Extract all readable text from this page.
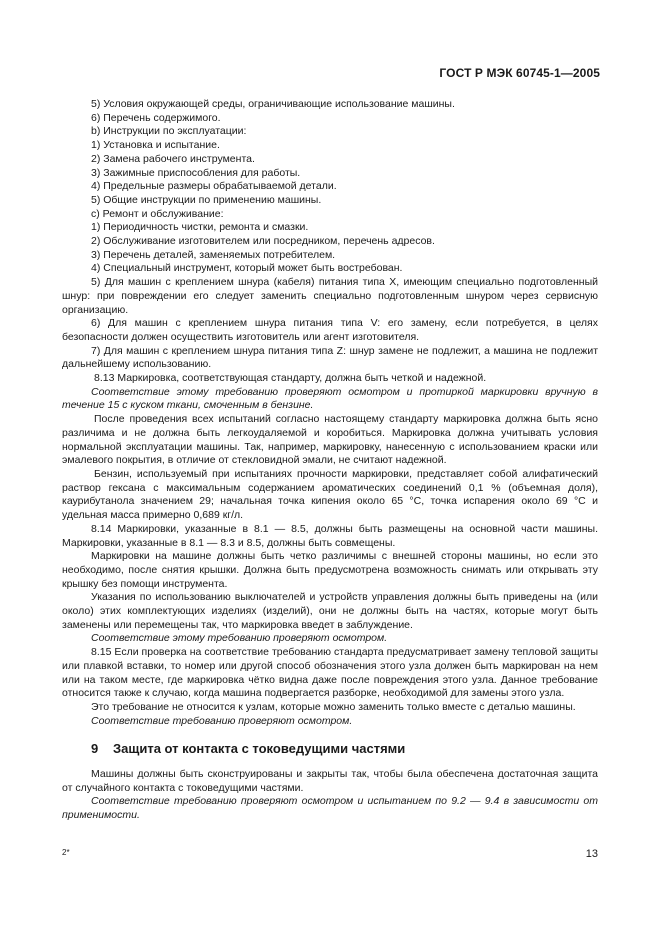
ГОСТ Р МЭК 60745-1—2005

5) Условия окружающей среды, ограничивающие использование машины.

6) Перечень содержимого.

b) Инструкции по эксплуатации:

1) Установка и испытание.

2) Замена рабочего инструмента.

3) Зажимные приспособления для работы.

4) Предельные размеры обрабатываемой детали.

5) Общие инструкции по применению машины.

c) Ремонт и обслуживание:

1) Периодичность чистки, ремонта и смазки.

2) Обслуживание изготовителем или посредником, перечень адресов.

3) Перечень деталей, заменяемых потребителем.

4) Специальный инструмент, который может быть востребован.

5) Для машин с креплением шнура (кабеля) питания типа X, имеющим специально подготовленный шнур: при повреждении его следует заменить специально подготовленным шнуром через сервисную организацию.

6) Для машин с креплением шнура питания типа V: его замену, если потребуется, в целях безопасности должен осуществить изготовитель или агент изготовителя.

7) Для машин с креплением шнура питания типа Z: шнур замене не подлежит, а машина не подлежит дальнейшему использованию.

8.13 Маркировка, соответствующая стандарту, должна быть четкой и надежной.

Соответствие этому требованию проверяют осмотром и протиркой маркировки вручную в течение 15 с куском ткани, смоченным в бензине.

После проведения всех испытаний согласно настоящему стандарту маркировка должна быть ясно различима и не должна быть легкоудаляемой и коробиться. Маркировка должна учитывать условия нормальной эксплуатации машины. Так, например, маркировку, нанесенную с использованием краски или эмалевого покрытия, в отличие от стекловидной эмали, не считают надежной.

Бензин, используемый при испытаниях прочности маркировки, представляет собой алифатический раствор гексана с максимальным содержанием ароматических соединений 0,1 % (объемная доля), каурибутанола значением 29; начальная точка кипения около 65 °C, точка испарения около 69 °C и удельная масса примерно 0,689 кг/л.

8.14 Маркировки, указанные в 8.1 — 8.5, должны быть размещены на основной части машины. Маркировки, указанные в 8.1 — 8.3 и 8.5, должны быть совмещены.

Маркировки на машине должны быть четко различимы с внешней стороны машины, но если это необходимо, после снятия крышки. Должна быть предусмотрена возможность снимать или открывать эту крышку без помощи инструмента.

Указания по использованию выключателей и устройств управления должны быть приведены на (или около) этих комплектующих изделиях (изделий), они не должны быть на частях, которые могут быть заменены или перемещены так, что маркировка введет в заблуждение.

Соответствие этому требованию проверяют осмотром.

8.15 Если проверка на соответствие требованию стандарта предусматривает замену тепловой защиты или плавкой вставки, то номер или другой способ обозначения этого узла должен быть маркирован на нем или на таком месте, где маркировка чётко видна даже после повреждения этого узла. Данное требование относится также к случаю, когда машина подвергается разборке, необходимой для замены этого узла.

Это требование не относится к узлам, которые можно заменить только вместе с деталью машины.

Соответствие требованию проверяют осмотром.

9 Защита от контакта с токоведущими частями

Машины должны быть сконструированы и закрыты так, чтобы была обеспечена достаточная защита от случайного контакта с токоведущими частями.

Соответствие требованию проверяют осмотром и испытанием по 9.2 — 9.4 в зависимости от применимости.

2*	13
